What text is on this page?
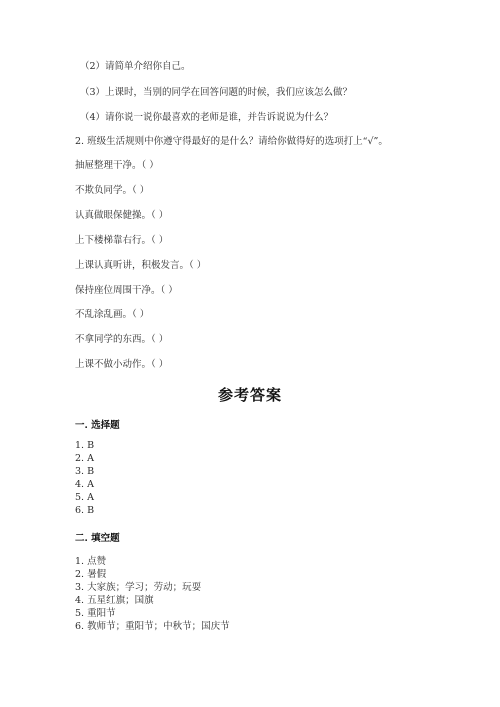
（2）请简单介绍你自己。
（3）上课时，当别的同学在回答问题的时候，我们应该怎么做？
（4）请你说一说你最喜欢的老师是谁，并告诉说说为什么？
2. 班级生活规则中你遵守得最好的是什么？请给你做得好的选项打上“√”。
抽屉整理干净。（ ）
不欺负同学。（ ）
认真做眼保健操。（ ）
上下楼梯靠右行。（ ）
上课认真听讲，积极发言。（ ）
保持座位周围干净。（ ）
不乱涂乱画。（ ）
不拿同学的东西。（ ）
上课不做小动作。（ ）
参考答案
一. 选择题
1. B
2. A
3. B
4. A
5. A
6. B
二. 填空题
1. 点赞
2. 暑假
3. 大家族；学习；劳动；玩耍
4. 五星红旗；国旗
5. 重阳节
6. 教师节；重阳节；中秋节；国庆节
